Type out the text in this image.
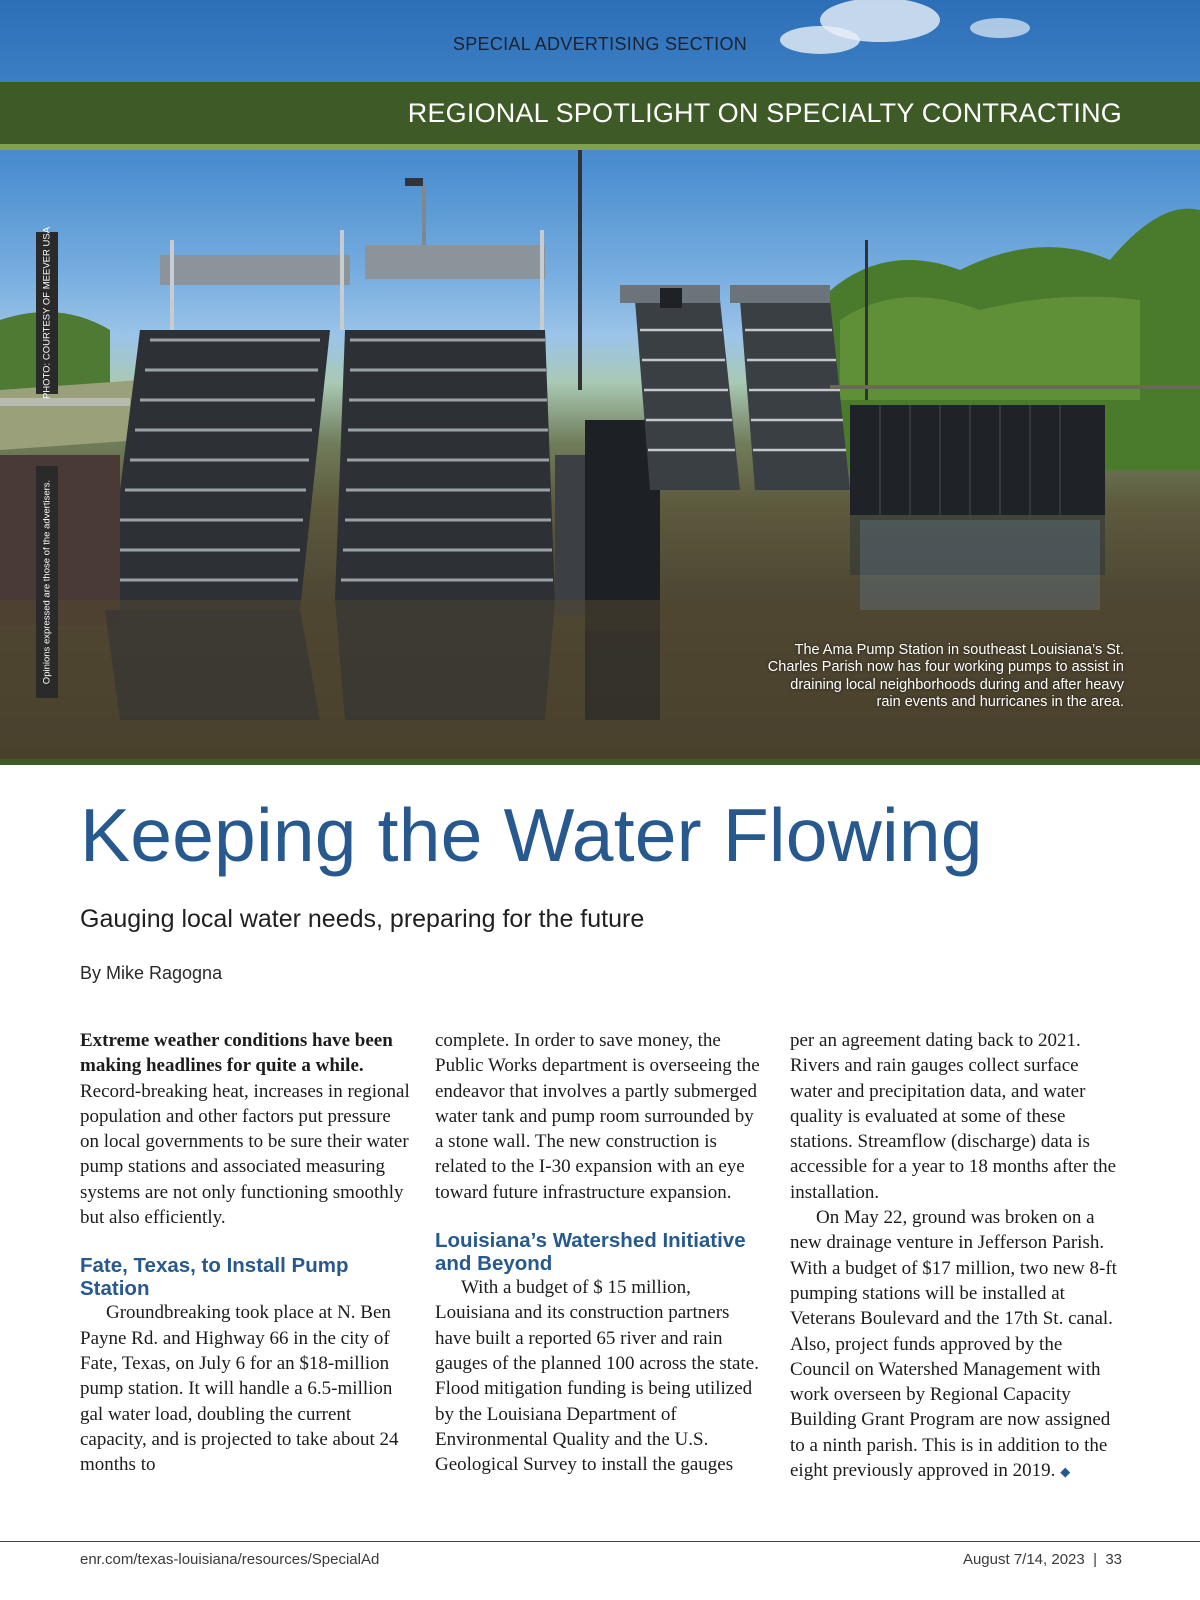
SPECIAL ADVERTISING SECTION
REGIONAL SPOTLIGHT ON SPECIALTY CONTRACTING
PHOTO: COURTESY OF MEEVER USA
Opinions expressed are those of the advertisers.	The Ama Pump Station in southeast Louisiana’s St. Charles Parish now has four working pumps to assist in draining local neighborhoods during and after heavy rain events and hurricanes in the area.
Keeping the Water Flowing
Gauging local water needs, preparing for the future
By Mike Ragogna

Extreme weather conditions have been making headlines for quite a while. Record-breaking heat, increases in regional population and other factors put pressure on local governments to be sure their water pump stations and associated measuring systems are not only functioning smoothly but also efficiently.

Fate, Texas, to Install Pump Station

Groundbreaking took place at N. Ben Payne Rd. and Highway 66 in the city of Fate, Texas, on July 6 for an $18-million pump station. It will handle a 6.5-million gal water load, doubling the current capacity, and is projected to take about 24 months to

complete. In order to save money, the Public Works department is overseeing the endeavor that involves a partly submerged water tank and pump room surrounded by a stone wall. The new construction is related to the I-30 expansion with an eye toward future infrastructure expansion.

Louisiana’s Watershed Initiative and Beyond

With a budget of $ 15 million, Louisiana and its construction partners have built a reported 65 river and rain gauges of the planned 100 across the state. Flood mitigation funding is being utilized by the Louisiana Department of Environmental Quality and the U.S. Geological Survey to install the gauges

per an agreement dating back to 2021. Rivers and rain gauges collect surface water and precipitation data, and water quality is evaluated at some of these stations. Streamflow (discharge) data is accessible for a year to 18 months after the installation.

On May 22, ground was broken on a new drainage venture in Jefferson Parish. With a budget of $17 million, two new 8-ft pumping stations will be installed at Veterans Boulevard and the 17th St. canal. Also, project funds approved by the Council on Watershed Management with work overseen by Regional Capacity Building Grant Program are now assigned to a ninth parish. This is in addition to the eight previously approved in 2019. ◆

enr.com/texas-louisiana/resources/SpecialAd	August 7/14, 2023 | 33
